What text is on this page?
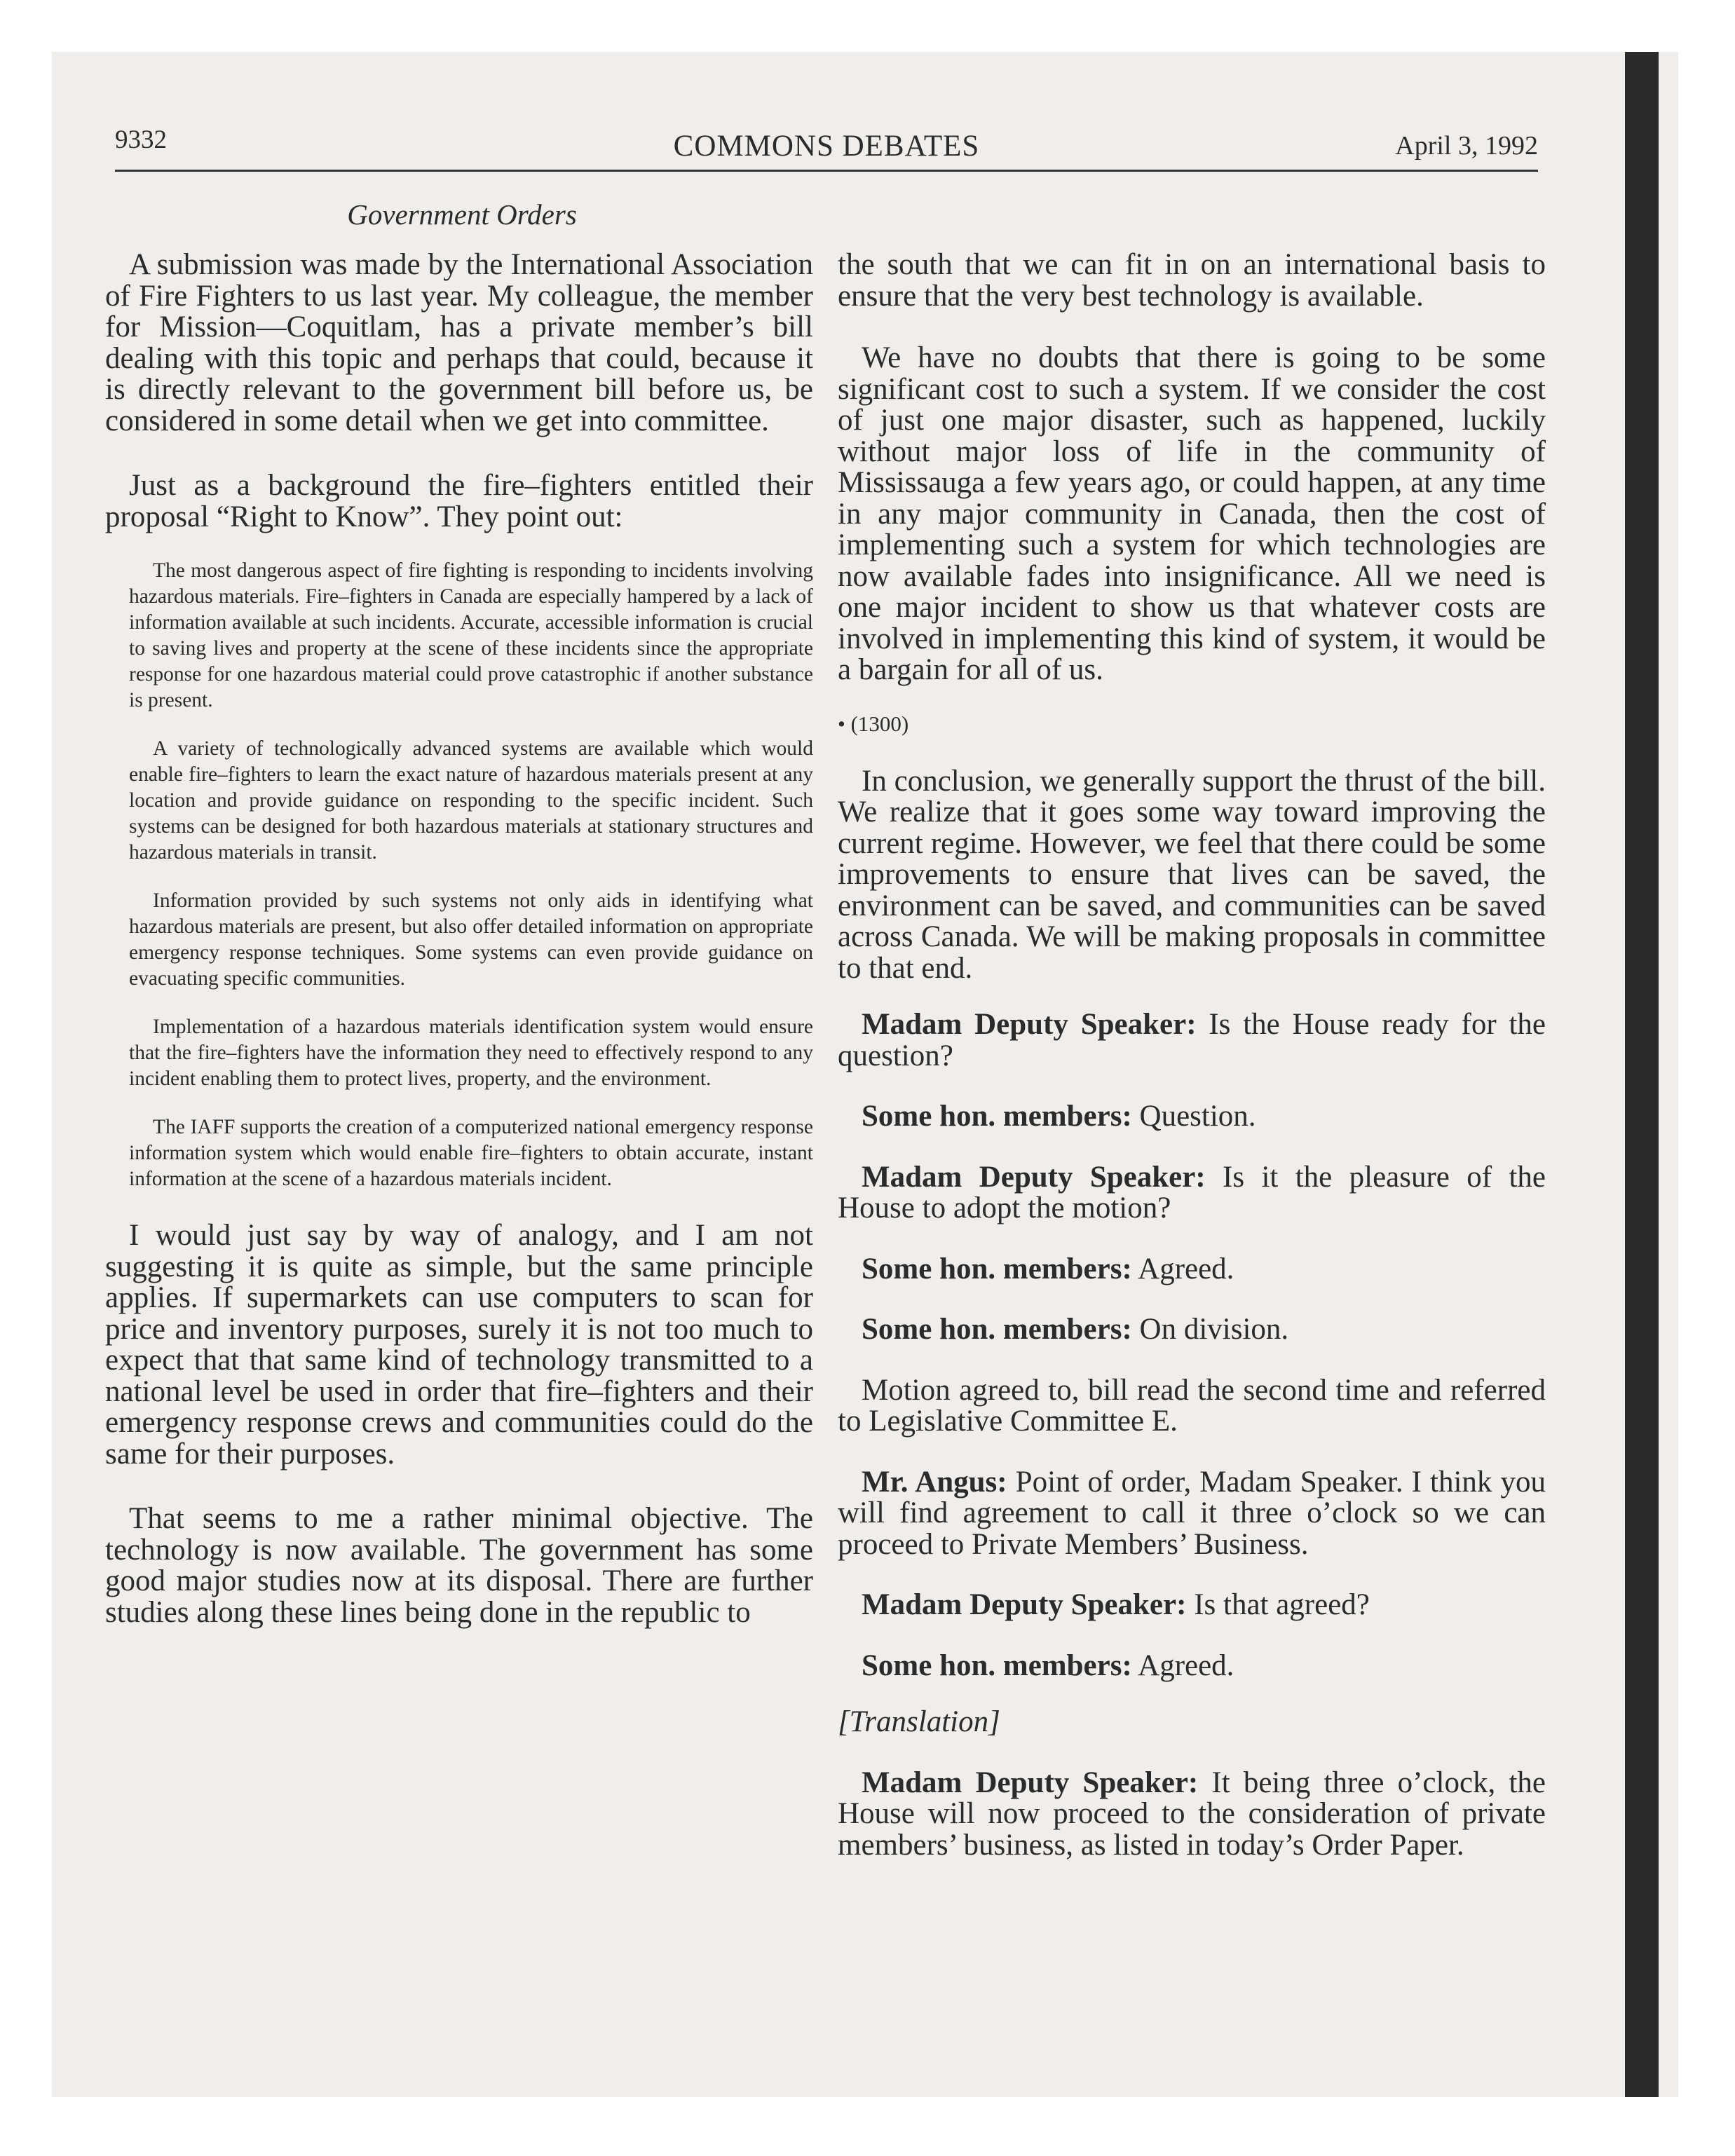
9332	COMMONS DEBATES	April 3, 1992
Government Orders

A submission was made by the International Association of Fire Fighters to us last year. My colleague, the member for Mission—Coquitlam, has a private member’s bill dealing with this topic and perhaps that could, because it is directly relevant to the government bill before us, be considered in some detail when we get into committee.

Just as a background the fire–fighters entitled their proposal “Right to Know”. They point out:

The most dangerous aspect of fire fighting is responding to incidents involving hazardous materials. Fire–fighters in Canada are especially hampered by a lack of information available at such incidents. Accurate, accessible information is crucial to saving lives and property at the scene of these incidents since the appropriate response for one hazardous material could prove catastrophic if another substance is present.

A variety of technologically advanced systems are available which would enable fire–fighters to learn the exact nature of hazardous materials present at any location and provide guidance on responding to the specific incident. Such systems can be designed for both hazardous materials at stationary structures and hazardous materials in transit.

Information provided by such systems not only aids in identifying what hazardous materials are present, but also offer detailed information on appropriate emergency response techniques. Some systems can even provide guidance on evacuating specific communities.

Implementation of a hazardous materials identification system would ensure that the fire–fighters have the information they need to effectively respond to any incident enabling them to protect lives, property, and the environment.

The IAFF supports the creation of a computerized national emergency response information system which would enable fire–fighters to obtain accurate, instant information at the scene of a hazardous materials incident.

I would just say by way of analogy, and I am not suggesting it is quite as simple, but the same principle applies. If supermarkets can use computers to scan for price and inventory purposes, surely it is not too much to expect that that same kind of technology transmitted to a national level be used in order that fire–fighters and their emergency response crews and communities could do the same for their purposes.

That seems to me a rather minimal objective. The technology is now available. The government has some good major studies now at its disposal. There are further studies along these lines being done in the republic to

the south that we can fit in on an international basis to ensure that the very best technology is available.

We have no doubts that there is going to be some significant cost to such a system. If we consider the cost of just one major disaster, such as happened, luckily without major loss of life in the community of Mississauga a few years ago, or could happen, at any time in any major community in Canada, then the cost of implementing such a system for which technologies are now available fades into insignificance. All we need is one major incident to show us that whatever costs are involved in implementing this kind of system, it would be a bargain for all of us.

• (1300)

In conclusion, we generally support the thrust of the bill. We realize that it goes some way toward improving the current regime. However, we feel that there could be some improvements to ensure that lives can be saved, the environment can be saved, and communities can be saved across Canada. We will be making proposals in committee to that end.

Madam Deputy Speaker: Is the House ready for the question?

Some hon. members: Question.

Madam Deputy Speaker: Is it the pleasure of the House to adopt the motion?

Some hon. members: Agreed.

Some hon. members: On division.

Motion agreed to, bill read the second time and referred to Legislative Committee E.

Mr. Angus: Point of order, Madam Speaker. I think you will find agreement to call it three o’clock so we can proceed to Private Members’ Business.

Madam Deputy Speaker: Is that agreed?

Some hon. members: Agreed.

[Translation]

Madam Deputy Speaker: It being three o’clock, the House will now proceed to the consideration of private members’ business, as listed in today’s Order Paper.
